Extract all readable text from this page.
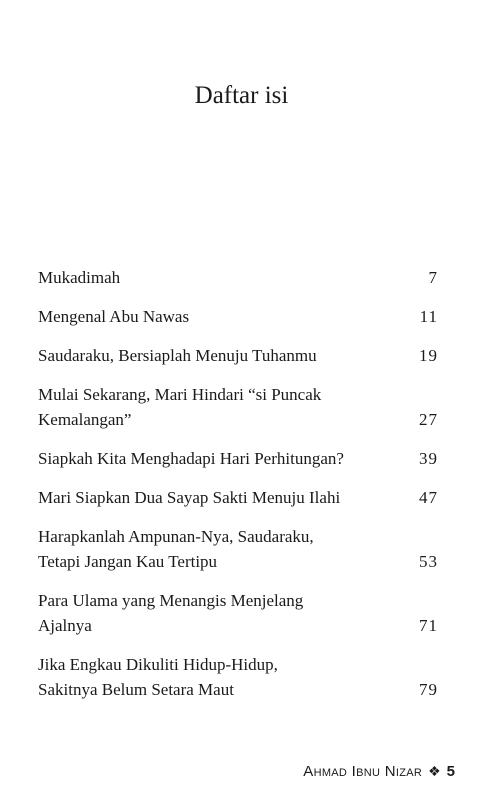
Daftar isi
Mukadimah	7
Mengenal Abu Nawas	11
Saudaraku, Bersiaplah Menuju Tuhanmu	19
Mulai Sekarang, Mari Hindari “si Puncak
Kemalangan”	27
Siapkah Kita Menghadapi Hari Perhitungan?	39
Mari Siapkan Dua Sayap Sakti Menuju Ilahi	47
Harapkanlah Ampunan-Nya, Saudaraku,
Tetapi Jangan Kau Tertipu	53
Para Ulama yang Menangis Menjelang
Ajalnya	71
Jika Engkau Dikuliti Hidup-Hidup,
Sakitnya Belum Setara Maut	79
Ahmad Ibnu Nizar ❖ 5
